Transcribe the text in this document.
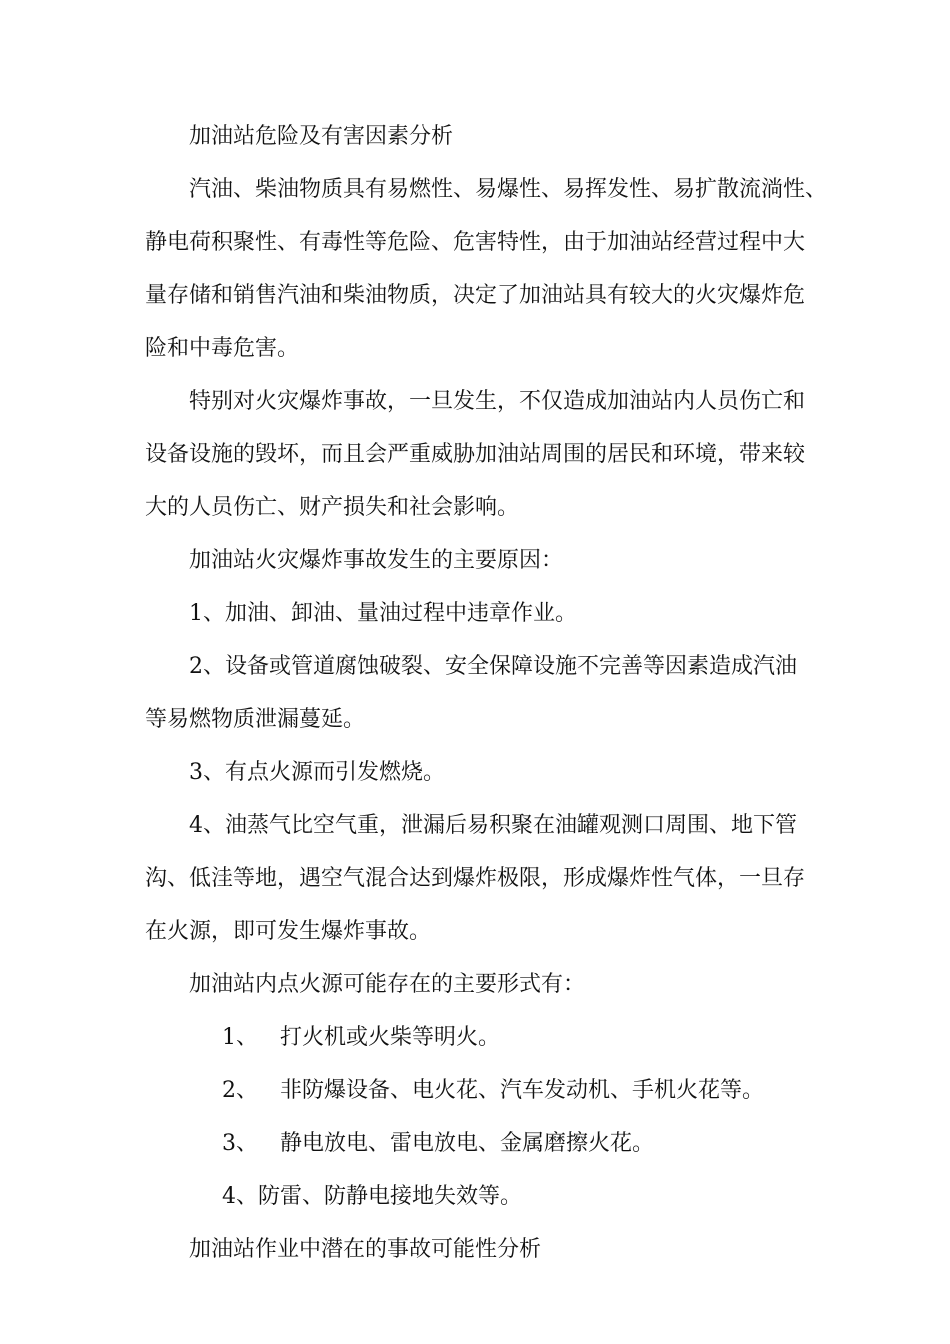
加油站危险及有害因素分析
汽油、柴油物质具有易燃性、易爆性、易挥发性、易扩散流淌性、
静电荷积聚性、有毒性等危险、危害特性，由于加油站经营过程中大
量存储和销售汽油和柴油物质，决定了加油站具有较大的火灾爆炸危
险和中毒危害。
特别对火灾爆炸事故，一旦发生，不仅造成加油站内人员伤亡和
设备设施的毁坏，而且会严重威胁加油站周围的居民和环境，带来较
大的人员伤亡、财产损失和社会影响。
加油站火灾爆炸事故发生的主要原因：
1、加油、卸油、量油过程中违章作业。
2、设备或管道腐蚀破裂、安全保障设施不完善等因素造成汽油
等易燃物质泄漏蔓延。
3、有点火源而引发燃烧。
4、油蒸气比空气重，泄漏后易积聚在油罐观测口周围、地下管
沟、低洼等地，遇空气混合达到爆炸极限，形成爆炸性气体，一旦存
在火源，即可发生爆炸事故。
加油站内点火源可能存在的主要形式有：
1、 打火机或火柴等明火。
2、 非防爆设备、电火花、汽车发动机、手机火花等。
3、 静电放电、雷电放电、金属磨擦火花。
4、防雷、防静电接地失效等。
加油站作业中潜在的事故可能性分析
